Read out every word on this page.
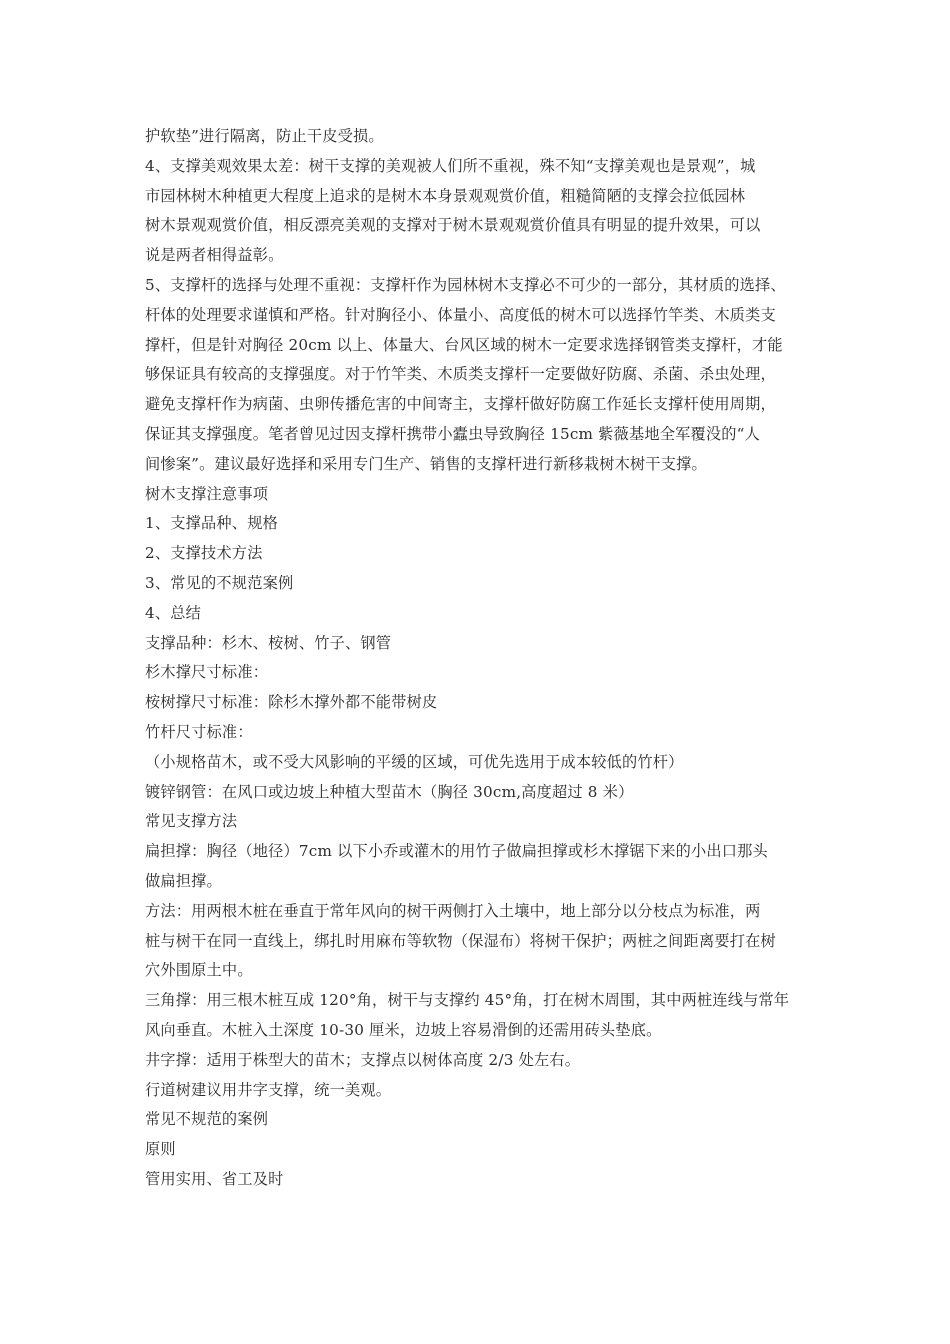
护软垫”进行隔离，防止干皮受损。
4、支撑美观效果太差：树干支撑的美观被人们所不重视，殊不知“支撑美观也是景观”，城
市园林树木种植更大程度上追求的是树木本身景观观赏价值，粗糙简陋的支撑会拉低园林
树木景观观赏价值，相反漂亮美观的支撑对于树木景观观赏价值具有明显的提升效果，可以
说是两者相得益彰。
5、支撑杆的选择与处理不重视：支撑杆作为园林树木支撑必不可少的一部分，其材质的选择、
杆体的处理要求谨慎和严格。针对胸径小、体量小、高度低的树木可以选择竹竿类、木质类支
撑杆，但是针对胸径 20cm 以上、体量大、台风区域的树木一定要求选择钢管类支撑杆，才能
够保证具有较高的支撑强度。对于竹竿类、木质类支撑杆一定要做好防腐、杀菌、杀虫处理，
避免支撑杆作为病菌、虫卵传播危害的中间寄主，支撑杆做好防腐工作延长支撑杆使用周期，
保证其支撑强度。笔者曾见过因支撑杆携带小蠹虫导致胸径 15cm 紫薇基地全军覆没的“人
间惨案”。建议最好选择和采用专门生产、销售的支撑杆进行新移栽树木树干支撑。
树木支撑注意事项
1、支撑品种、规格
2、支撑技术方法
3、常见的不规范案例
4、总结
支撑品种：杉木、桉树、竹子、钢管
杉木撑尺寸标准：
桉树撑尺寸标准：除杉木撑外都不能带树皮
竹杆尺寸标准：
（小规格苗木，或不受大风影响的平缓的区域，可优先选用于成本较低的竹杆）
镀锌钢管：在风口或边坡上种植大型苗木（胸径 30cm,高度超过 8 米）
常见支撑方法
扁担撑：胸径（地径）7cm 以下小乔或灌木的用竹子做扁担撑或杉木撑锯下来的小出口那头
做扁担撑。
方法：用两根木桩在垂直于常年风向的树干两侧打入土壤中，地上部分以分枝点为标准，两
桩与树干在同一直线上，绑扎时用麻布等软物（保湿布）将树干保护；两桩之间距离要打在树
穴外围原土中。
三角撑：用三根木桩互成 120°角，树干与支撑约 45°角，打在树木周围，其中两桩连线与常年
风向垂直。木桩入土深度 10-30 厘米，边坡上容易滑倒的还需用砖头垫底。
井字撑：适用于株型大的苗木；支撑点以树体高度 2/3 处左右。
行道树建议用井字支撑，统一美观。
常见不规范的案例
原则
管用实用、省工及时
